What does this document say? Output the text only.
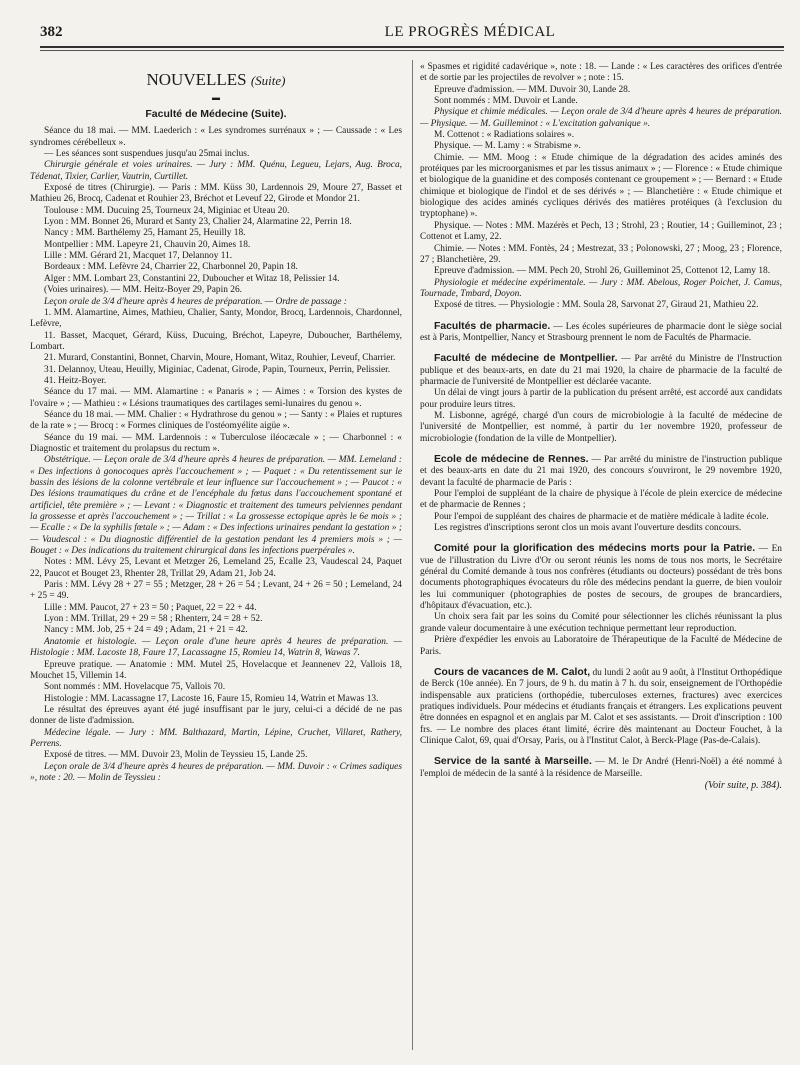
382	LE PROGRÈS MÉDICAL

NOUVELLES (Suite)

▬

Faculté de Médecine (Suite).

Séance du 18 mai. — MM. Laederich : « Les syndromes surrénaux » ; — Caussade : « Les syndromes cérébelleux ».

— Les séances sont suspendues jusqu'au 25mai inclus.

Chirurgie générale et voies urinaires. — Jury : MM. Quénu, Legueu, Lejars, Aug. Broca, Tédenat, Tixier, Carlier, Vautrin, Curtillet.

Exposé de titres (Chirurgie). — Paris : MM. Küss 30, Lardennois 29, Moure 27, Basset et Mathieu 26, Brocq, Cadenat et Rouhier 23, Bréchot et Leveuf 22, Girode et Mondor 21.

Toulouse : MM. Ducuing 25, Tourneux 24, Miginiac et Uteau 20.

Lyon : MM. Bonnet 26, Murard et Santy 23, Chalier 24, Alarmatine 22, Perrin 18.

Nancy : MM. Barthélemy 25, Hamant 25, Heuilly 18.

Montpellier : MM. Lapeyre 21, Chauvin 20, Aimes 18.

Lille : MM. Gérard 21, Macquet 17, Delannoy 11.

Bordeaux : MM. Lefèvre 24, Charrier 22, Charbonnel 20, Papin 18.

Alger : MM. Lombart 23, Constantini 22, Duboucher et Witaz 18, Pelissier 14.

(Voies urinaires). — MM. Heitz-Boyer 29, Papin 26.

Leçon orale de 3/4 d'heure après 4 heures de préparation. — Ordre de passage :

1. MM. Alamartine, Aimes, Mathieu, Chalier, Santy, Mondor, Brocq, Lardennois, Chardonnel, Lefèvre,

11. Basset, Macquet, Gérard, Küss, Ducuing, Bréchot, Lapeyre, Duboucher, Barthélemy, Lombart.

21. Murard, Constantini, Bonnet, Charvin, Moure, Homant, Witaz, Rouhier, Leveuf, Charrier.

31. Delannoy, Uteau, Heuilly, Miginiac, Cadenat, Girode, Papin, Tourneux, Perrin, Pelissier.

41. Heitz-Boyer.

Séance du 17 mai. — MM. Alamartine : « Panaris » ; — Aimes : « Torsion des kystes de l'ovaire » ; — Mathieu : « Lésions traumatiques des cartilages semi-lunaires du genou ».

Séance du 18 mai. — MM. Chalier : « Hydrathrose du genou » ; — Santy : « Plaies et ruptures de la rate » ; — Brocq : « Formes cliniques de l'ostéomyélite aigüe ».

Séance du 19 mai. — MM. Lardennois : « Tuberculose iléocæcale » ; — Charbonnel : « Diagnostic et traitement du prolapsus du rectum ».

Obstétrique. — Leçon orale de 3/4 d'heure après 4 heures de préparation. — MM. Lemeland : « Des infections à gonocoques après l'accouchement » ; — Paquet : « Du retentissement sur le bassin des lésions de la colonne vertébrale et leur influence sur l'accouchement » ; — Paucot : « Des lésions traumatiques du crâne et de l'encéphale du fœtus dans l'accouchement spontané et artificiel, tête première » ; — Levant : « Diagnostic et traitement des tumeurs pelviennes pendant la grossesse et après l'accouchement » ; — Trillat : « La grossesse ectopique après le 6e mois » ; — Ecalle : « De la syphilis fœtale » ; — Adam : « Des infections urinaires pendant la gestation » ; — Vaudescal : « Du diagnostic différentiel de la gestation pendant les 4 premiers mois » ; — Bouget : « Des indications du traitement chirurgical dans les infections puerpérales ».

Notes : MM. Lévy 25, Levant et Metzger 26, Lemeland 25, Ecalle 23, Vaudescal 24, Paquet 22, Paucot et Bouget 23, Rhenter 28, Trillat 29, Adam 21, Job 24.

Paris : MM. Lévy 28 + 27 = 55 ; Metzger, 28 + 26 = 54 ; Levant, 24 + 26 = 50 ; Lemeland, 24 + 25 = 49.

Lille : MM. Paucot, 27 + 23 = 50 ; Paquet, 22 = 22 + 44.

Lyon : MM. Trillat, 29 + 29 = 58 ; Rhenterr, 24 = 28 + 52.

Nancy : MM. Job, 25 + 24 = 49 ; Adam, 21 + 21 = 42.

Anatomie et histologie. — Leçon orale d'une heure après 4 heures de préparation. — Histologie : MM. Lacoste 18, Faure 17, Lacassagne 15, Romieu 14, Watrin 8, Wawas 7.

Epreuve pratique. — Anatomie : MM. Mutel 25, Hovelacque et Jeannenev 22, Vallois 18, Mouchet 15, Villemin 14.

Sont nommés : MM. Hovelacque 75, Vallois 70.

Histologie : MM. Lacassagne 17, Lacoste 16, Faure 15, Romieu 14, Watrin et Mawas 13.

Le résultat des épreuves ayant été jugé insuffisant par le jury, celui-ci a décidé de ne pas donner de liste d'admission.

Médecine légale. — Jury : MM. Balthazard, Martin, Lépine, Cruchet, Villaret, Rathery, Perrens.

Exposé de titres. — MM. Duvoir 23, Molin de Teyssieu 15, Lande 25.

Leçon orale de 3/4 d'heure après 4 heures de préparation. — MM. Duvoir : « Crimes sadiques », note : 20. — Molin de Teyssieu :

« Spasmes et rigidité cadavérique », note : 18. — Lande : « Les caractères des orifices d'entrée et de sortie par les projectiles de revolver » ; note : 15.

Epreuve d'admission. — MM. Duvoir 30, Lande 28.

Sont nommés : MM. Duvoir et Lande.

Physique et chimie médicales. — Leçon orale de 3/4 d'heure après 4 heures de préparation. — Physique. — M. Guilleminot : « L'excitation galvanique ».

M. Cottenot : « Radiations solaires ».

Physique. — M. Lamy : « Strabisme ».

Chimie. — MM. Moog : « Etude chimique de la dégradation des acides aminés des protéiques par les microorganismes et par les tissus animaux » ; — Florence : « Etude chimique et biologique de la guanidine et des composés contenant ce groupement » ; — Bernard : « Etude chimique et biologique de l'indol et de ses dérivés » ; — Blanchetière : « Etude chimique et biologique des acides aminés cycliques dérivés des matières protéiques (à l'exclusion du tryptophane) ».

Physique. — Notes : MM. Mazérès et Pech, 13 ; Strohl, 23 ; Routier, 14 ; Guilleminot, 23 ; Cottenot et Lamy, 22.

Chimie. — Notes : MM. Fontès, 24 ; Mestrezat, 33 ; Polonowski, 27 ; Moog, 23 ; Florence, 27 ; Blanchetière, 29.

Epreuve d'admission. — MM. Pech 20, Strohl 26, Guilleminot 25, Cottenot 12, Lamy 18.

Physiologie et médecine expérimentale. — Jury : MM. Abelous, Roger Poichet, J. Camus, Tournade, Tmbard, Doyon.

Exposé de titres. — Physiologie : MM. Soula 28, Sarvonat 27, Giraud 21, Mathieu 22.

Facultés de pharmacie. — Les écoles supérieures de pharmacie dont le siège social est à Paris, Montpellier, Nancy et Strasbourg prennent le nom de Facultés de Pharmacie.

Faculté de médecine de Montpellier. — Par arrêté du Ministre de l'Instruction publique et des beaux-arts, en date du 21 mai 1920, la chaire de pharmacie de la faculté de pharmacie de l'université de Montpellier est déclarée vacante.

Un délai de vingt jours à partir de la publication du présent arrêté, est accordé aux candidats pour produire leurs titres.

M. Lisbonne, agrégé, chargé d'un cours de microbiologie à la faculté de médecine de l'université de Montpellier, est nommé, à partir du 1er novembre 1920, professeur de microbiologie (fondation de la ville de Montpellier).

Ecole de médecine de Rennes. — Par arrêté du ministre de l'instruction publique et des beaux-arts en date du 21 mai 1920, des concours s'ouvriront, le 29 novembre 1920, devant la faculté de pharmacie de Paris :

Pour l'emploi de suppléant de la chaire de physique à l'école de plein exercice de médecine et de pharmacie de Rennes ;

Pour l'empoi de suppléant des chaires de pharmacie et de matière médicale à ladite école.

Les registres d'inscriptions seront clos un mois avant l'ouverture desdits concours.

Comité pour la glorification des médecins morts pour la Patrie. — En vue de l'illustration du Livre d'Or ou seront réunis les noms de tous nos morts, le Secrétaire général du Comité demande à tous nos confrères (étudiants ou docteurs) possédant de très bons documents photographiques évocateurs du rôle des médecins pendant la guerre, de bien vouloir les lui communiquer (photographies de postes de secours, de groupes de brancardiers, d'hôpitaux d'évacuation, etc.).

Un choix sera fait par les soins du Comité pour sélectionner les clichés réunissant la plus grande valeur documentaire à une exécution technique permettant leur reproduction.

Prière d'expédier les envois au Laboratoire de Thérapeutique de la Faculté de Médecine de Paris.

Cours de vacances de M. Calot, du lundi 2 août au 9 août, à l'Institut Orthopédique de Berck (10e année). En 7 jours, de 9 h. du matin à 7 h. du soir, enseignement de l'Orthopédie indispensable aux praticiens (orthopédie, tuberculoses externes, fractures) avec exercices pratiques individuels. Pour médecins et étudiants français et étrangers. Les explications peuvent être données en espagnol et en anglais par M. Calot et ses assistants. — Droit d'inscription : 100 frs. — Le nombre des places étant limité, écrire dès maintenant au Docteur Fouchet, à la Clinique Calot, 69, quai d'Orsay, Paris, ou à l'Institut Calot, à Berck-Plage (Pas-de-Calais).

Service de la santé à Marseille. — M. le Dr André (Henri-Noël) a été nommé à l'emploi de médecin de la santé à la résidence de Marseille.

(Voir suite, p. 384).
